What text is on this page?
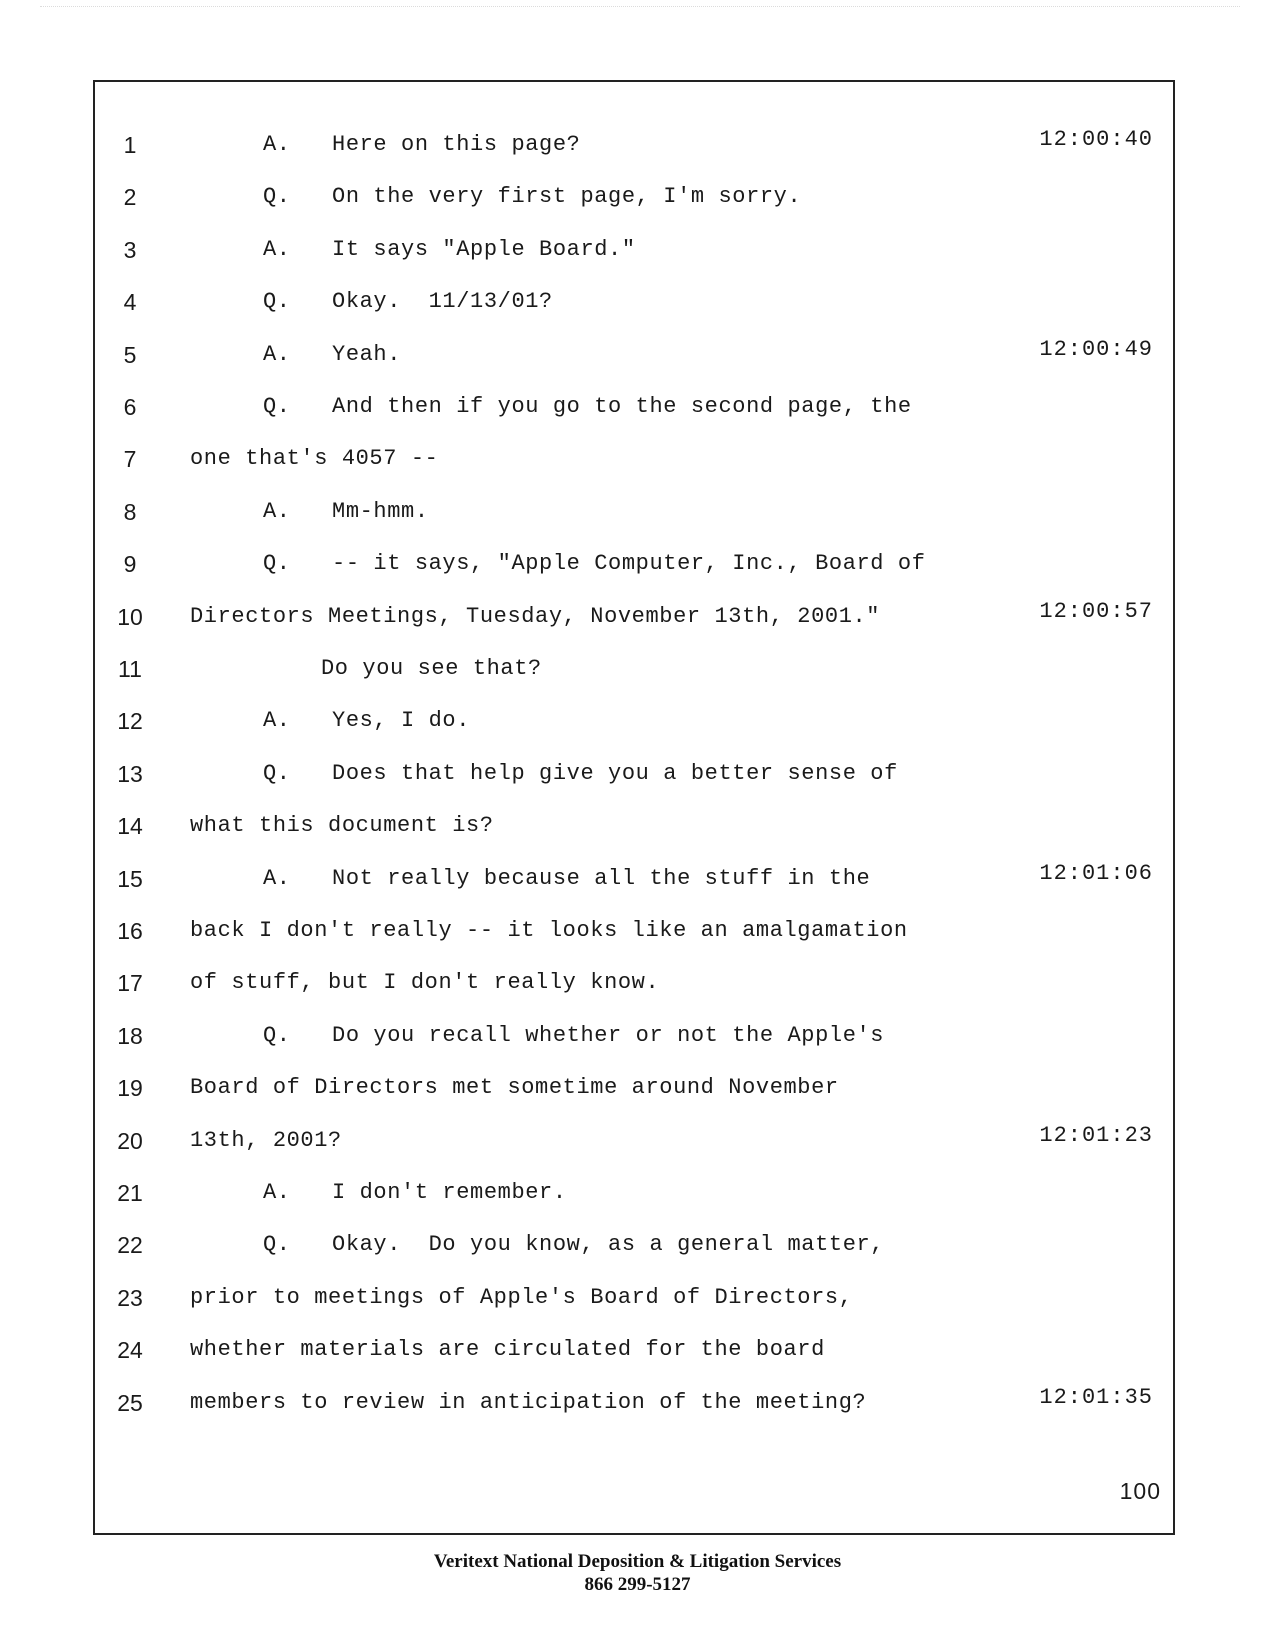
100
1	A.   Here on this page?	12:00:40
2	Q.   On the very first page, I'm sorry.
3	A.   It says "Apple Board."
4	Q.   Okay.  11/13/01?
5	A.   Yeah.	12:00:49
6	Q.   And then if you go to the second page, the
7	one that's 4057 --
8	A.   Mm-hmm.
9	Q.   -- it says, "Apple Computer, Inc., Board of
10	Directors Meetings, Tuesday, November 13th, 2001."	12:00:57
11	Do you see that?
12	A.   Yes, I do.
13	Q.   Does that help give you a better sense of
14	what this document is?
15	A.   Not really because all the stuff in the	12:01:06
16	back I don't really -- it looks like an amalgamation
17	of stuff, but I don't really know.
18	Q.   Do you recall whether or not the Apple's
19	Board of Directors met sometime around November
20	13th, 2001?	12:01:23
21	A.   I don't remember.
22	Q.   Okay.  Do you know, as a general matter,
23	prior to meetings of Apple's Board of Directors,
24	whether materials are circulated for the board
25	members to review in anticipation of the meeting?	12:01:35
Veritext National Deposition & Litigation Services
866 299-5127
